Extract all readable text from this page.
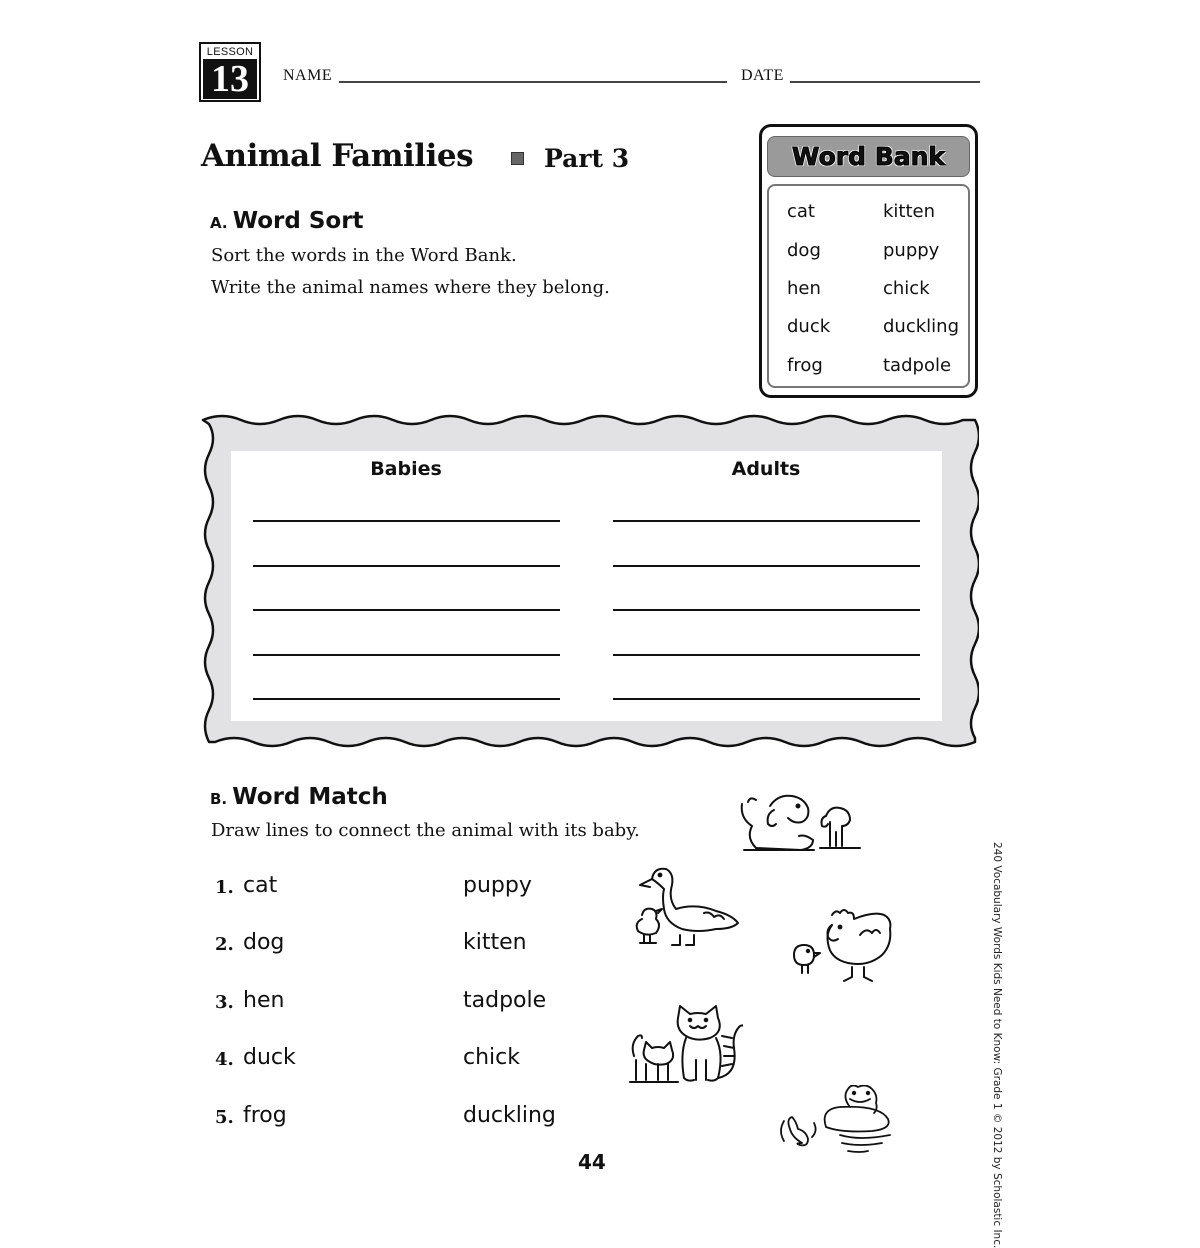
LESSON
13	NAME	DATE
Animal Families	Part 3
A. Word Sort
Sort the words in the Word Bank.
Write the animal names where they belong.
Word Bank
cat	kitten
dog	puppy
hen	chick
duck	duckling
frog	tadpole
Babies	Adults
B. Word Match
Draw lines to connect the animal with its baby.
1. cat	puppy
2. dog	kitten
3. hen	tadpole
4. duck	chick
5. frog	duckling	240 Vocabulary Words Kids Need to Know: Grade 1 © 2012 by Scholastic Inc.
44
